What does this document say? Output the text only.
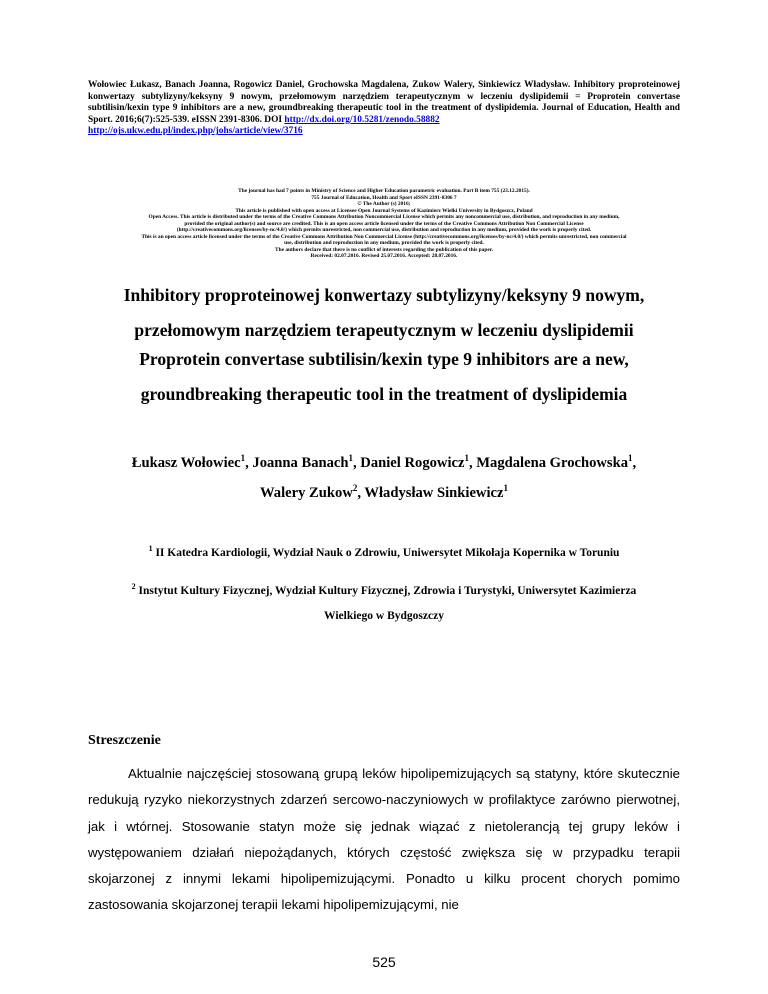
Wołowiec Łukasz, Banach Joanna, Rogowicz Daniel, Grochowska Magdalena, Zukow Walery, Sinkiewicz Władysław. Inhibitory proproteinowej konwertazy subtylizyny/keksyny 9 nowym, przełomowym narzędziem terapeutycznym w leczeniu dyslipidemii = Proprotein convertase subtilisin/kexin type 9 inhibitors are a new, groundbreaking therapeutic tool in the treatment of dyslipidemia. Journal of Education, Health and Sport. 2016;6(7):525-539. eISSN 2391-8306. DOI http://dx.doi.org/10.5281/zenodo.58882
http://ojs.ukw.edu.pl/index.php/johs/article/view/3716
The journal has had 7 points in Ministry of Science and Higher Education parametric evaluation. Part B item 755 (23.12.2015).
755 Journal of Education, Health and Sport eISSN 2391-8306 7
© The Author (s) 2016;
This article is published with open access at Licensee Open Journal Systems of Kazimierz Wielki University in Bydgoszcz, Poland
Open Access. This article is distributed under the terms of the Creative Commons Attribution Noncommercial License which permits any noncommercial use, distribution, and reproduction in any medium,
provided the original author(s) and source are credited. This is an open access article licensed under the terms of the Creative Commons Attribution Non Commercial License
(http://creativecommons.org/licenses/by-nc/4.0/) which permits unrestricted, non commercial use, distribution and reproduction in any medium, provided the work is properly cited.
This is an open access article licensed under the terms of the Creative Commons Attribution Non Commercial License (http://creativecommons.org/licenses/by-nc/4.0/) which permits unrestricted, non commercial
use, distribution and reproduction in any medium, provided the work is properly cited.
The authors declare that there is no conflict of interests regarding the publication of this paper.
Received: 02.07.2016. Revised 25.07.2016. Accepted: 28.07.2016.
Inhibitory proproteinowej konwertazy subtylizyny/keksyny 9 nowym,
przełomowym narzędziem terapeutycznym w leczeniu dyslipidemii
Proprotein convertase subtilisin/kexin type 9 inhibitors are a new,
groundbreaking therapeutic tool in the treatment of dyslipidemia
Łukasz Wołowiec$^1$, Joanna Banach$^1$, Daniel Rogowicz$^1$, Magdalena Grochowska$^1$,
Walery Zukow$^2$, Władysław Sinkiewicz$^1$
$^1$ II Katedra Kardiologii, Wydział Nauk o Zdrowiu, Uniwersytet Mikołaja Kopernika w Toruniu
$^2$ Instytut Kultury Fizycznej, Wydział Kultury Fizycznej, Zdrowia i Turystyki, Uniwersytet Kazimierza
Wielkiego w Bydgoszczy
Streszczenie
Aktualnie najczęściej stosowaną grupą leków hipolipemizujących są statyny, które skutecznie redukują ryzyko niekorzystnych zdarzeń sercowo-naczyniowych w profilaktyce zarówno pierwotnej, jak i wtórnej. Stosowanie statyn może się jednak wiązać z nietolerancją tej grupy leków i występowaniem działań niepożądanych, których częstość zwiększa się w przypadku terapii skojarzonej z innymi lekami hipolipemizującymi. Ponadto u kilku procent chorych pomimo zastosowania skojarzonej terapii lekami hipolipemizującymi, nie
525
